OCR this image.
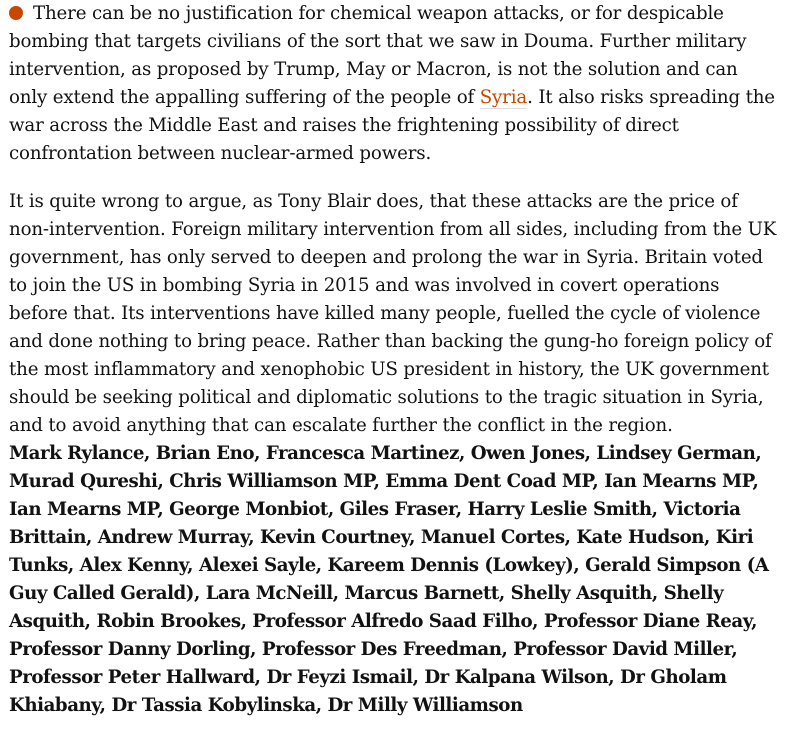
There can be no justification for chemical weapon attacks, or for despicable bombing that targets civilians of the sort that we saw in Douma. Further military intervention, as proposed by Trump, May or Macron, is not the solution and can only extend the appalling suffering of the people of Syria. It also risks spreading the war across the Middle East and raises the frightening possibility of direct confrontation between nuclear-armed powers.

It is quite wrong to argue, as Tony Blair does, that these attacks are the price of non-intervention. Foreign military intervention from all sides, including from the UK government, has only served to deepen and prolong the war in Syria. Britain voted to join the US in bombing Syria in 2015 and was involved in covert operations before that. Its interventions have killed many people, fuelled the cycle of violence and done nothing to bring peace. Rather than backing the gung-ho foreign policy of the most inflammatory and xenophobic US president in history, the UK government should be seeking political and diplomatic solutions to the tragic situation in Syria, and to avoid anything that can escalate further the conflict in the region.

Mark Rylance, Brian Eno, Francesca Martinez, Owen Jones, Lindsey German, Murad Qureshi, Chris Williamson MP, Emma Dent Coad MP, Ian Mearns MP, Ian Mearns MP, George Monbiot, Giles Fraser, Harry Leslie Smith, Victoria Brittain, Andrew Murray, Kevin Courtney, Manuel Cortes, Kate Hudson, Kiri Tunks, Alex Kenny, Alexei Sayle, Kareem Dennis (Lowkey), Gerald Simpson (A Guy Called Gerald), Lara McNeill, Marcus Barnett, Shelly Asquith, Shelly Asquith, Robin Brookes, Professor Alfredo Saad Filho, Professor Diane Reay, Professor Danny Dorling, Professor Des Freedman, Professor David Miller, Professor Peter Hallward, Dr Feyzi Ismail, Dr Kalpana Wilson, Dr Gholam Khiabany, Dr Tassia Kobylinska, Dr Milly Williamson
